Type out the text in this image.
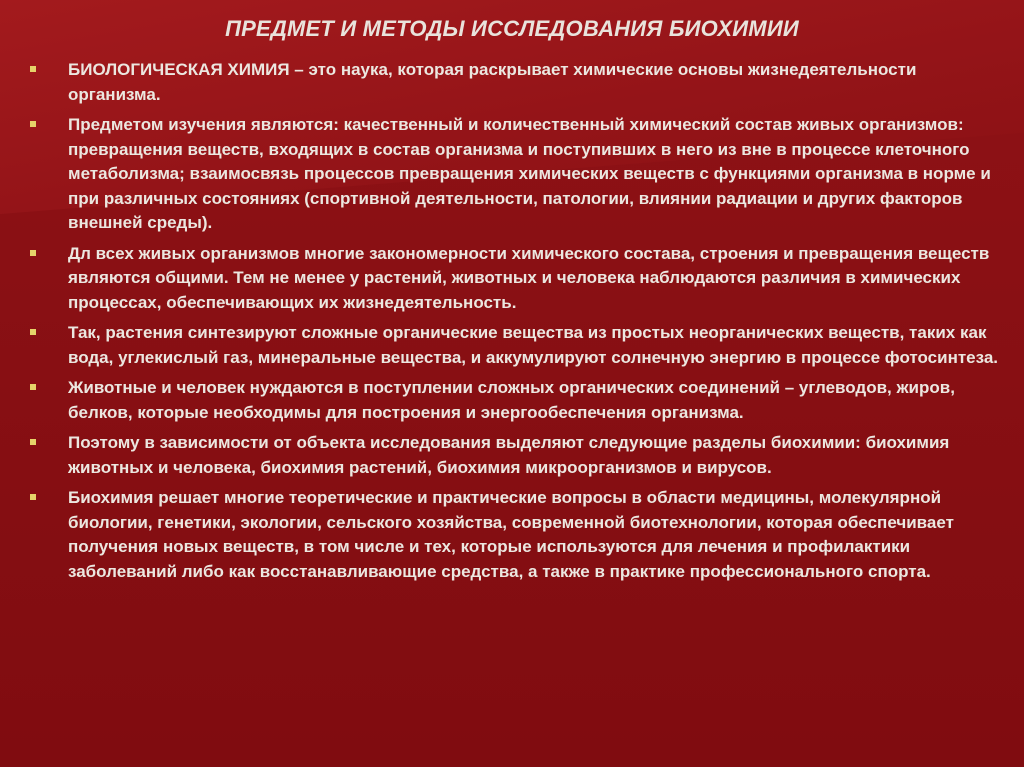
ПРЕДМЕТ И МЕТОДЫ ИССЛЕДОВАНИЯ БИОХИМИИ
БИОЛОГИЧЕСКАЯ ХИМИЯ – это наука, которая раскрывает химические основы жизнедеятельности организма.
Предметом изучения являются: качественный и количественный химический состав живых организмов: превращения веществ, входящих в состав организма и поступивших в него из вне в процессе клеточного метаболизма; взаимосвязь процессов превращения химических веществ с функциями организма в норме и при различных состояниях (спортивной деятельности, патологии, влиянии радиации и других факторов внешней среды).
Дл всех живых организмов многие закономерности химического состава, строения и превращения веществ являются общими. Тем не менее у растений, животных и человека наблюдаются различия в химических процессах, обеспечивающих их жизнедеятельность.
Так, растения синтезируют сложные органические вещества из простых неорганических веществ, таких как вода, углекислый газ, минеральные вещества, и аккумулируют солнечную энергию в процессе фотосинтеза.
Животные и человек нуждаются в поступлении сложных органических соединений – углеводов, жиров, белков, которые необходимы для построения и энергообеспечения организма.
Поэтому в зависимости от объекта исследования выделяют следующие разделы биохимии: биохимия животных и человека, биохимия растений, биохимия микроорганизмов и вирусов.
Биохимия решает многие теоретические и практические вопросы в области медицины, молекулярной биологии, генетики, экологии, сельского хозяйства, современной биотехнологии, которая обеспечивает получения новых веществ, в том числе и тех, которые используются для лечения и профилактики заболеваний либо как восстанавливающие средства, а также в практике профессионального спорта.
